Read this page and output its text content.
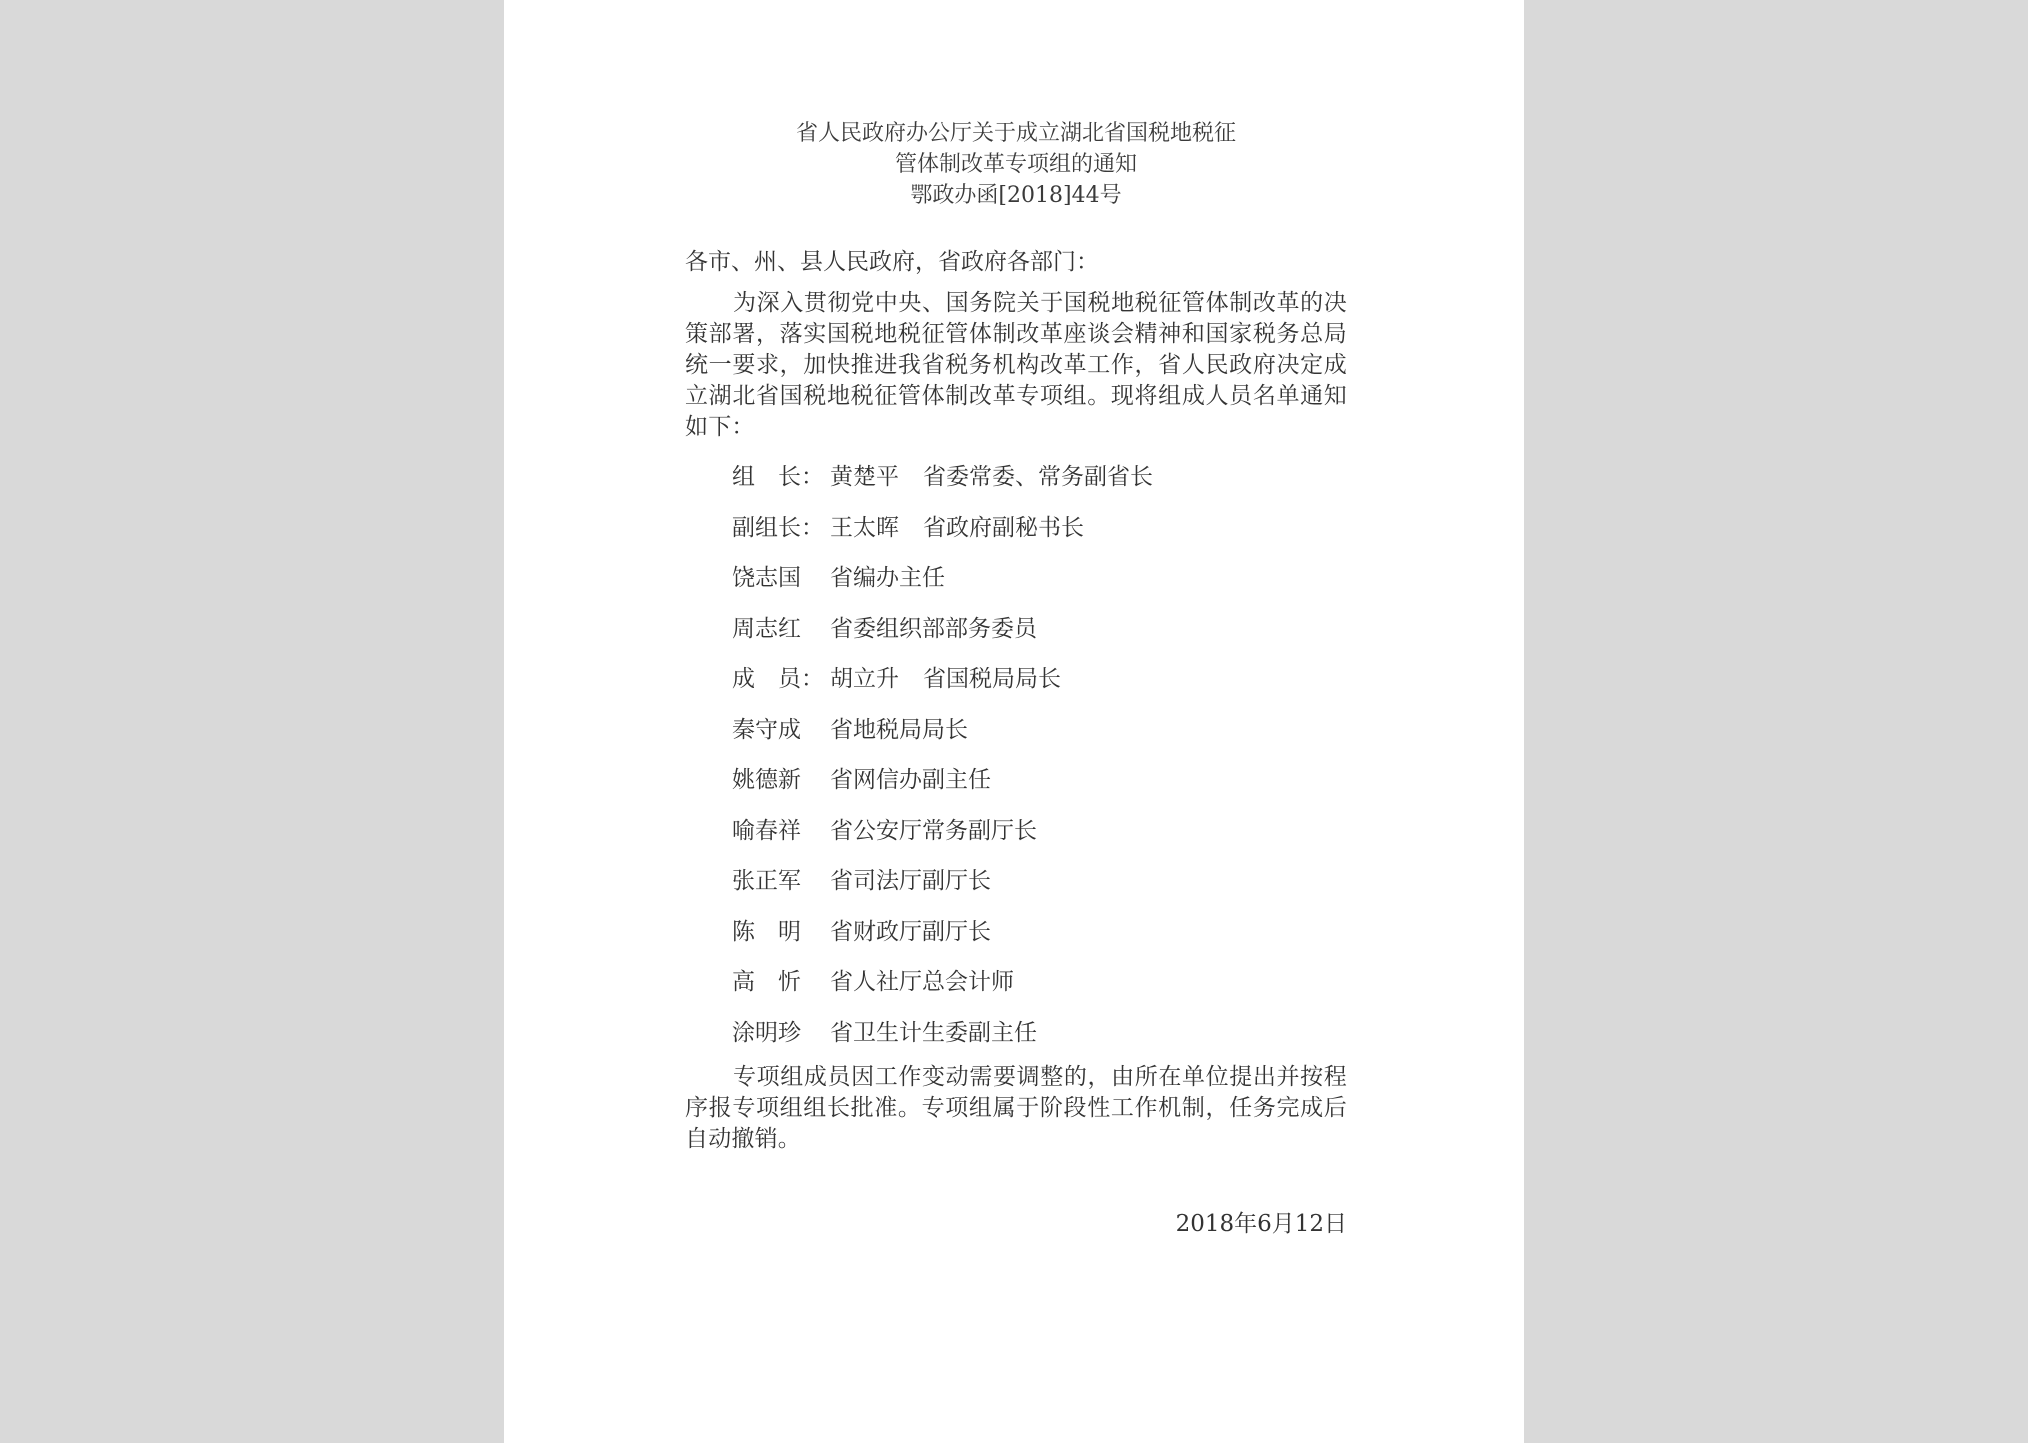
省人民政府办公厅关于成立湖北省国税地税征
管体制改革专项组的通知
鄂政办函[2018]44号
各市、州、县人民政府，省政府各部门：
为深入贯彻党中央、国务院关于国税地税征管体制改革的决策部署，落实国税地税征管体制改革座谈会精神和国家税务总局统一要求，加快推进我省税务机构改革工作，省人民政府决定成立湖北省国税地税征管体制改革专项组。现将组成人员名单通知如下：
组　长： 黄楚平 省委常委、常务副省长
副组长： 王太晖 省政府副秘书长
饶志国 省编办主任
周志红 省委组织部部务委员
成　员： 胡立升 省国税局局长
秦守成 省地税局局长
姚德新 省网信办副主任
喻春祥 省公安厅常务副厅长
张正军 省司法厅副厅长
陈　明 省财政厅副厅长
高　忻 省人社厅总会计师
涂明珍 省卫生计生委副主任
专项组成员因工作变动需要调整的，由所在单位提出并按程序报专项组组长批准。专项组属于阶段性工作机制，任务完成后自动撤销。
2018年6月12日
